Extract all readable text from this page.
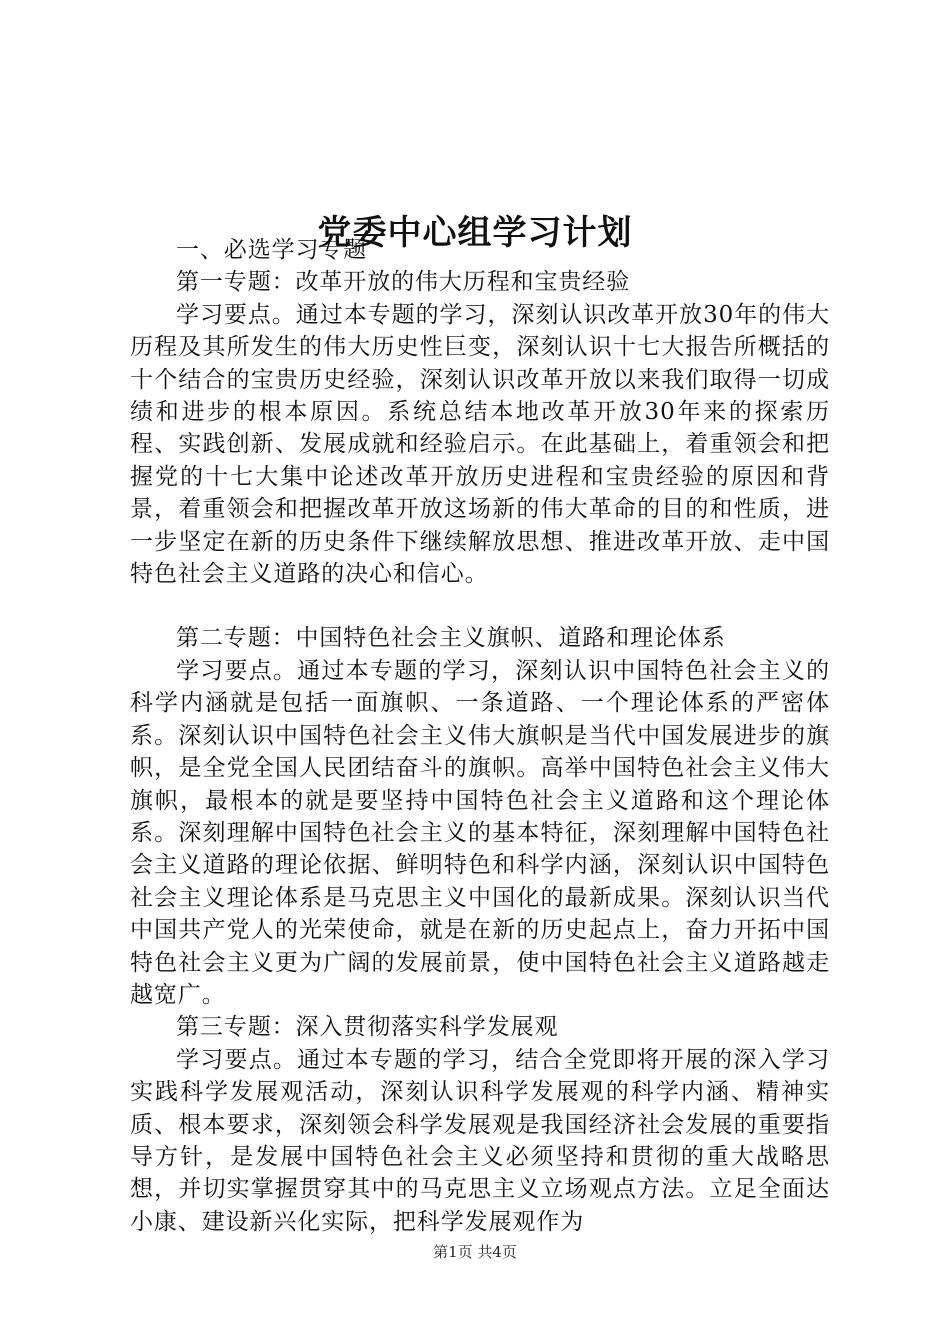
党委中心组学习计划

一、必选学习专题

第一专题：改革开放的伟大历程和宝贵经验

学习要点。通过本专题的学习，深刻认识改革开放30年的伟大历程及其所发生的伟大历史性巨变，深刻认识十七大报告所概括的十个结合的宝贵历史经验，深刻认识改革开放以来我们取得一切成绩和进步的根本原因。系统总结本地改革开放30年来的探索历程、实践创新、发展成就和经验启示。在此基础上，着重领会和把握党的十七大集中论述改革开放历史进程和宝贵经验的原因和背景，着重领会和把握改革开放这场新的伟大革命的目的和性质，进一步坚定在新的历史条件下继续解放思想、推进改革开放、走中国特色社会主义道路的决心和信心。

第二专题：中国特色社会主义旗帜、道路和理论体系

学习要点。通过本专题的学习，深刻认识中国特色社会主义的科学内涵就是包括一面旗帜、一条道路、一个理论体系的严密体系。深刻认识中国特色社会主义伟大旗帜是当代中国发展进步的旗帜，是全党全国人民团结奋斗的旗帜。高举中国特色社会主义伟大旗帜，最根本的就是要坚持中国特色社会主义道路和这个理论体系。深刻理解中国特色社会主义的基本特征，深刻理解中国特色社会主义道路的理论依据、鲜明特色和科学内涵，深刻认识中国特色社会主义理论体系是马克思主义中国化的最新成果。深刻认识当代中国共产党人的光荣使命，就是在新的历史起点上，奋力开拓中国特色社会主义更为广阔的发展前景，使中国特色社会主义道路越走越宽广。

第三专题：深入贯彻落实科学发展观

学习要点。通过本专题的学习，结合全党即将开展的深入学习实践科学发展观活动，深刻认识科学发展观的科学内涵、精神实质、根本要求，深刻领会科学发展观是我国经济社会发展的重要指导方针，是发展中国特色社会主义必须坚持和贯彻的重大战略思想，并切实掌握贯穿其中的马克思主义立场观点方法。立足全面达小康、建设新兴化实际，把科学发展观作为

第1页 共4页
